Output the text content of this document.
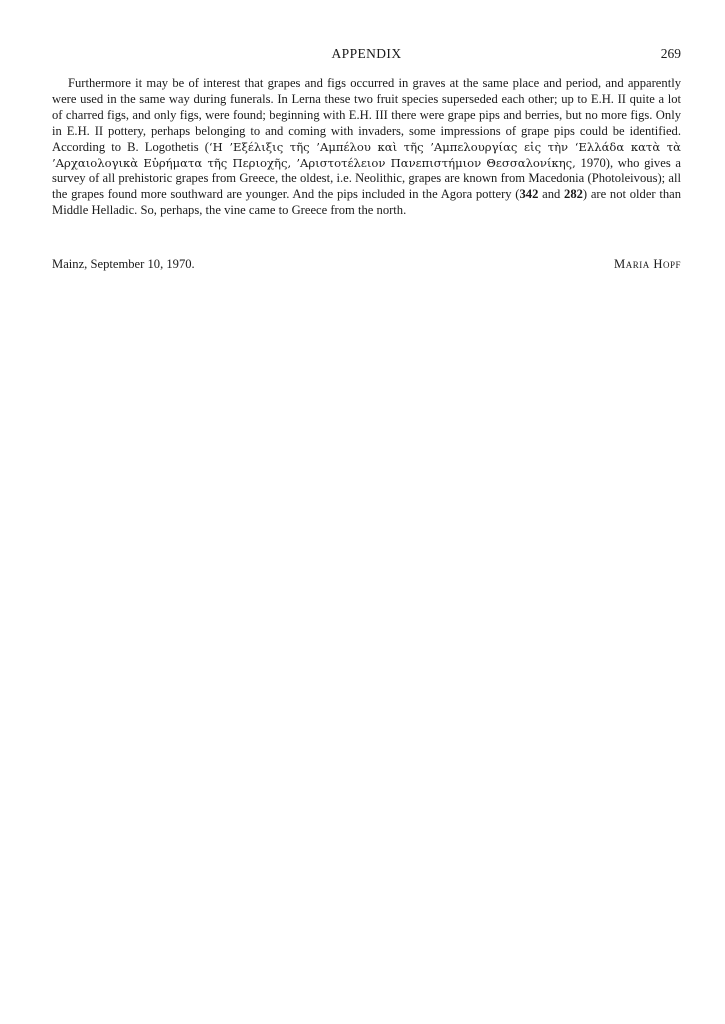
APPENDIX	269

Furthermore it may be of interest that grapes and figs occurred in graves at the same place and period, and apparently were used in the same way during funerals. In Lerna these two fruit species superseded each other; up to E.H. II quite a lot of charred figs, and only figs, were found; beginning with E.H. III there were grape pips and berries, but no more figs. Only in E.H. II pottery, perhaps belonging to and coming with invaders, some impressions of grape pips could be identified. According to B. Logothetis (‘Η ’Εξέλιξις τῆς ’Αμπέλου καὶ τῆς ’Αμπελουργίας εἰς τὴν ‘Ελλάδα κατὰ τὰ ’Αρχαιολογικὰ Εὑρήματα τῆς Περιοχῆς, ’Αριστοτέλειον Πανεπιστήμιον Θεσσαλονίκης, 1970), who gives a survey of all prehistoric grapes from Greece, the oldest, i.e. Neolithic, grapes are known from Macedonia (Photoleivous); all the grapes found more southward are younger. And the pips included in the Agora pottery (342 and 282) are not older than Middle Helladic. So, perhaps, the vine came to Greece from the north.

Mainz, September 10, 1970.	Maria Hopf
